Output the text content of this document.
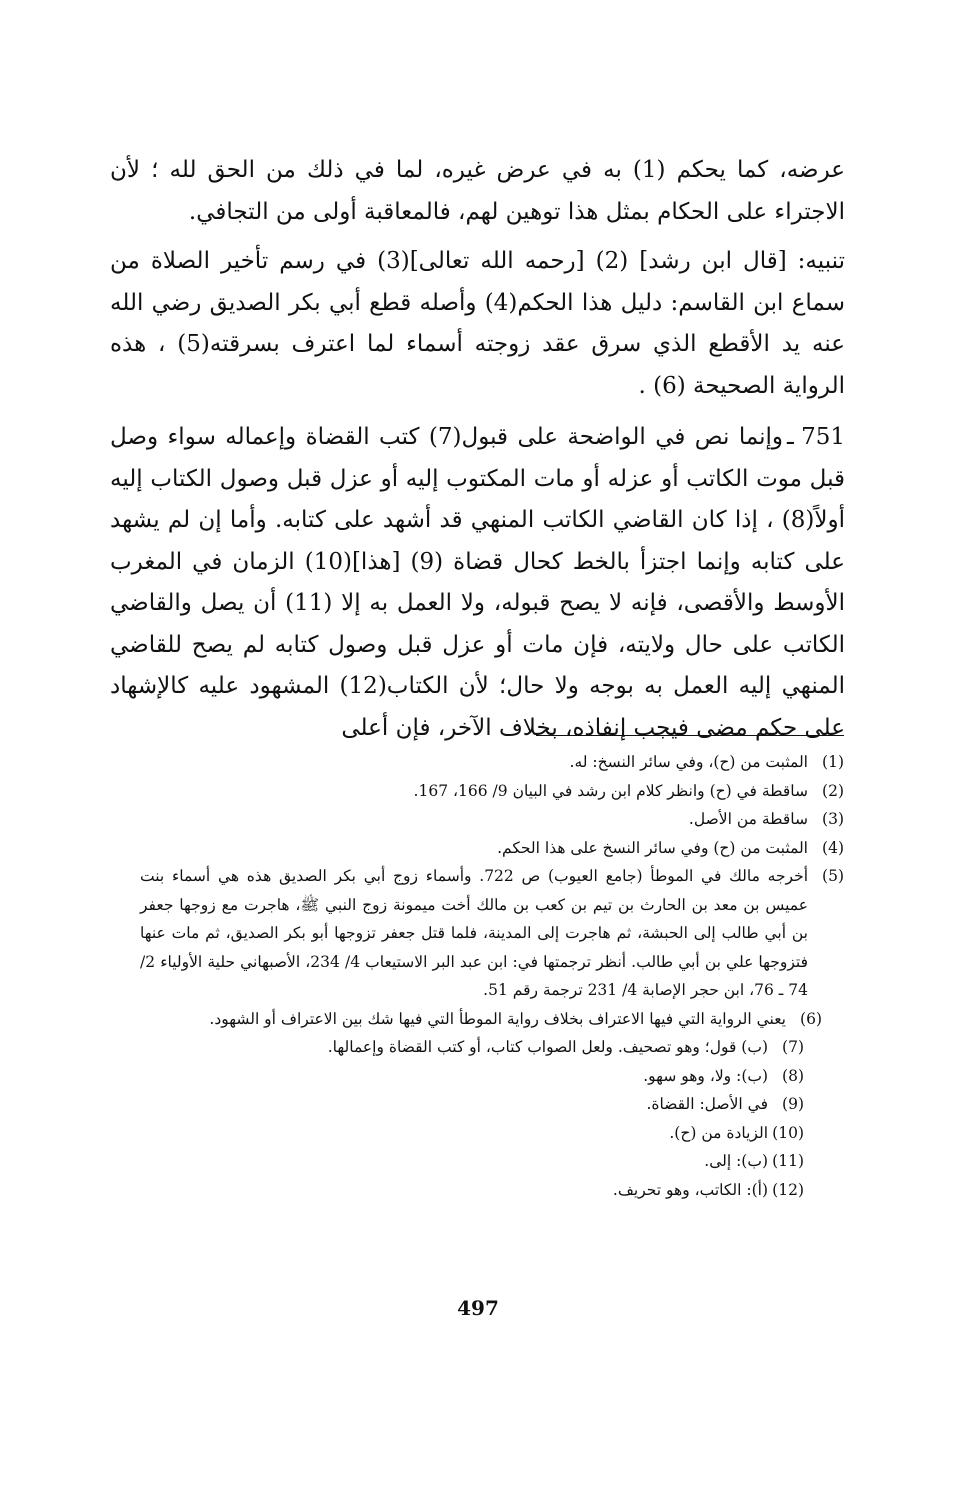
عرضه، كما يحكم (1) به في عرض غيره، لما في ذلك من الحق لله ؛ لأن الاجتراء على الحكام بمثل هذا توهين لهم، فالمعاقبة أولى من التجافي.

تنبيه: [قال ابن رشد] (2) [رحمه الله تعالى](3) في رسم تأخير الصلاة من سماع ابن القاسم: دليل هذا الحكم(4) وأصله قطع أبي بكر الصديق رضي الله عنه يد الأقطع الذي سرق عقد زوجته أسماء لما اعترف بسرقته(5) ، هذه الرواية الصحيحة (6) .

751 ـوإنما نص في الواضحة على قبول(7) كتب القضاة وإعماله سواء وصل قبل موت الكاتب أو عزله أو مات المكتوب إليه أو عزل قبل وصول الكتاب إليه أولاً(8) ، إذا كان القاضي الكاتب المنهي قد أشهد على كتابه. وأما إن لم يشهد على كتابه وإنما اجتزأ بالخط كحال قضاة (9) [هذا](10) الزمان في المغرب الأوسط والأقصى، فإنه لا يصح قبوله، ولا العمل به إلا (11) أن يصل والقاضي الكاتب على حال ولايته، فإن مات أو عزل قبل وصول كتابه لم يصح للقاضي المنهي إليه العمل به بوجه ولا حال؛ لأن الكتاب(12) المشهود عليه كالإشهاد على حكم مضى فيجب إنفاذه، بخلاف الآخر، فإن أعلى

(1)
المثبت من (ح)، وفي سائر النسخ: له.
(2)
ساقطة في (ح) وانظر كلام ابن رشد في البيان 9/ 166، 167.
(3)
ساقطة من الأصل.
(4)
المثبت من (ح) وفي سائر النسخ على هذا الحكم.
(5)
أخرجه مالك في الموطأ (جامع العيوب) ص 722. وأسماء زوج أبي بكر الصديق هذه هي أسماء بنت عميس بن معد بن الحارث بن تيم بن كعب بن مالك أخت ميمونة زوج النبي ﷺ، هاجرت مع زوجها جعفر بن أبي طالب إلى الحبشة، ثم هاجرت إلى المدينة، فلما قتل جعفر تزوجها أبو بكر الصديق، ثم مات عنها فتزوجها علي بن أبي طالب. أنظر ترجمتها في: ابن عبد البر الاستيعاب 4/ 234، الأصبهاني حلية الأولياء 2/ 74 ـ 76، ابن حجر الإصابة 4/ 231 ترجمة رقم 51.
(6)
يعني الرواية التي فيها الاعتراف بخلاف رواية الموطأ التي فيها شك بين الاعتراف أو الشهود.
(7)
(ب) قول؛ وهو تصحيف. ولعل الصواب كتاب، أو كتب القضاة وإعمالها.
(8)
(ب): ولا، وهو سهو.
(9)
في الأصل: القضاة.
(10)
الزيادة من (ح).
(11)
(ب): إلى.
(12)
(أ): الكاتب، وهو تحريف.
497
